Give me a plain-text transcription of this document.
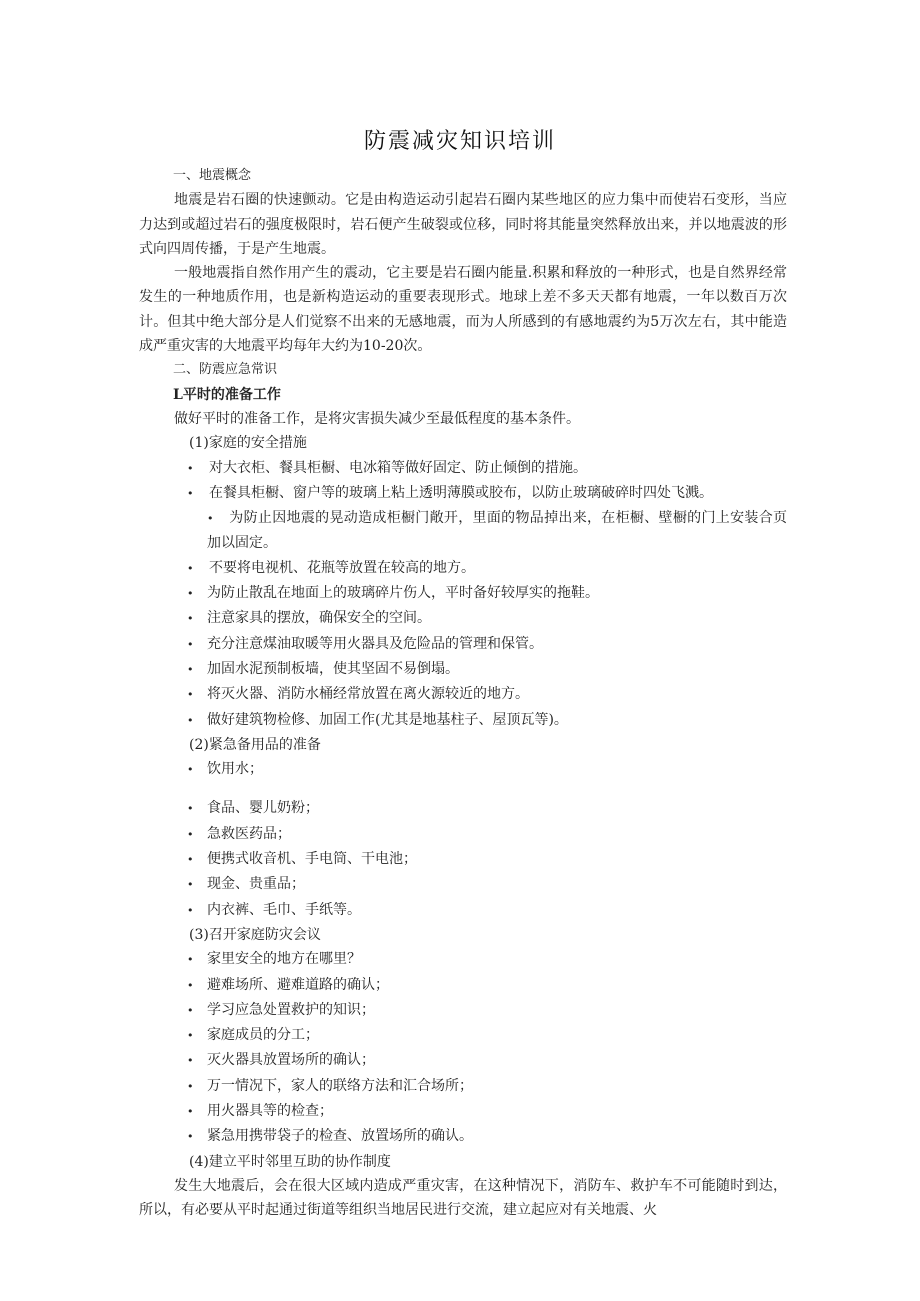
防震减灾知识培训

一、地震概念

地震是岩石圈的快速颤动。它是由构造运动引起岩石圈内某些地区的应力集中而使岩石变形，当应力达到或超过岩石的强度极限时，岩石便产生破裂或位移，同时将其能量突然释放出来，并以地震波的形式向四周传播，于是产生地震。

一般地震指自然作用产生的震动，它主要是岩石圈内能量.积累和释放的一种形式，也是自然界经常发生的一种地质作用，也是新构造运动的重要表现形式。地球上差不多天天都有地震，一年以数百万次计。但其中绝大部分是人们觉察不出来的无感地震，而为人所感到的有感地震约为5万次左右，其中能造成严重灾害的大地震平均每年大约为10-20次。

二、防震应急常识

L平时的准备工作

做好平时的准备工作，是将灾害损失减少至最低程度的基本条件。

(1)家庭的安全措施

• 对大衣柜、餐具柜橱、电冰箱等做好固定、防止倾倒的措施。

• 在餐具柜橱、窗户等的玻璃上粘上透明薄膜或胶布，以防止玻璃破碎时四处飞溅。

• 为防止因地震的晃动造成柜橱门敞开，里面的物品掉出来，在柜橱、壁橱的门上安装合页加以固定。

• 不要将电视机、花瓶等放置在较高的地方。

• 为防止散乱在地面上的玻璃碎片伤人，平时备好较厚实的拖鞋。

• 注意家具的摆放，确保安全的空间。

• 充分注意煤油取暖等用火器具及危险品的管理和保管。

• 加固水泥预制板墙，使其坚固不易倒塌。

• 将灭火器、消防水桶经常放置在离火源较近的地方。

• 做好建筑物检修、加固工作(尤其是地基柱子、屋顶瓦等)。

(2)紧急备用品的准备

• 饮用水；

• 食品、婴儿奶粉；

• 急救医药品；

• 便携式收音机、手电筒、干电池；

• 现金、贵重品；

• 内衣裤、毛巾、手纸等。

(3)召开家庭防灾会议

• 家里安全的地方在哪里？

• 避难场所、避难道路的确认；

• 学习应急处置救护的知识；

• 家庭成员的分工；

• 灭火器具放置场所的确认；

• 万一情况下，家人的联络方法和汇合场所；

• 用火器具等的检查；

• 紧急用携带袋子的检查、放置场所的确认。

(4)建立平时邻里互助的协作制度

发生大地震后，会在很大区域内造成严重灾害，在这种情况下，消防车、救护车不可能随时到达，所以，有必要从平时起通过街道等组织当地居民进行交流，建立起应对有关地震、火
